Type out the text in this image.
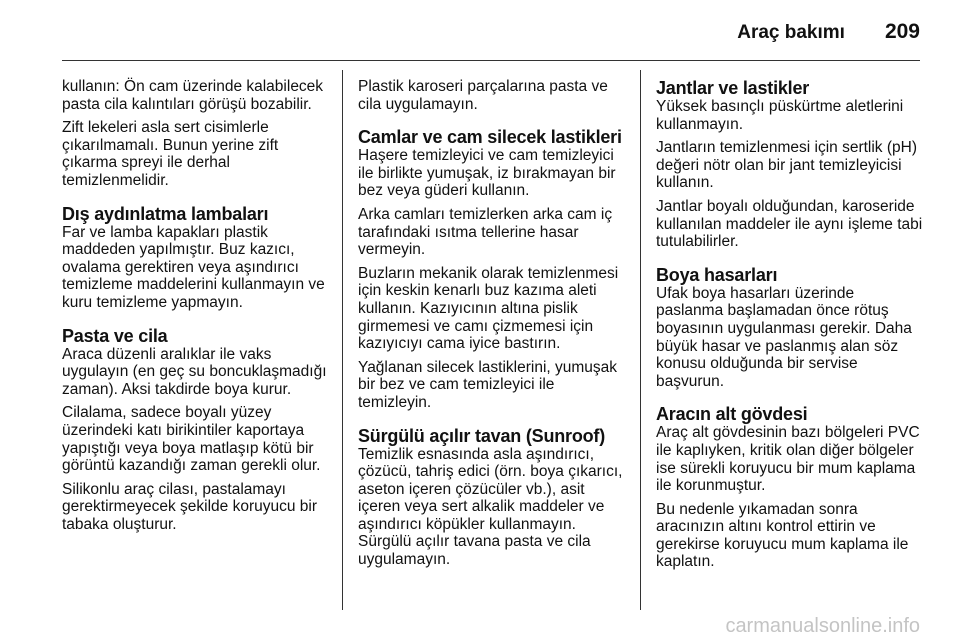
Araç bakımı 209

kullanın: Ön cam üzerinde kalabilecek pasta cila kalıntıları görüşü bozabilir.

Zift lekeleri asla sert cisimlerle çıkarılmamalı. Bunun yerine zift çıkarma spreyi ile derhal temizlenmelidir.

Dış aydınlatma lambaları

Far ve lamba kapakları plastik maddeden yapılmıştır. Buz kazıcı, ovalama gerektiren veya aşındırıcı temizleme maddelerini kullanmayın ve kuru temizleme yapmayın.

Pasta ve cila

Araca düzenli aralıklar ile vaks uygulayın (en geç su boncuklaşmadığı zaman). Aksi takdirde boya kurur.

Cilalama, sadece boyalı yüzey üzerindeki katı birikintiler kaportaya yapıştığı veya boya matlaşıp kötü bir görüntü kazandığı zaman gerekli olur.

Silikonlu araç cilası, pastalamayı gerektirmeyecek şekilde koruyucu bir tabaka oluşturur.

Plastik karoseri parçalarına pasta ve cila uygulamayın.

Camlar ve cam silecek lastikleri

Haşere temizleyici ve cam temizleyici ile birlikte yumuşak, iz bırakmayan bir bez veya güderi kullanın.

Arka camları temizlerken arka cam iç tarafındaki ısıtma tellerine hasar vermeyin.

Buzların mekanik olarak temizlenmesi için keskin kenarlı buz kazıma aleti kullanın. Kazıyıcının altına pislik girmemesi ve camı çizmemesi için kazıyıcıyı cama iyice bastırın.

Yağlanan silecek lastiklerini, yumuşak bir bez ve cam temizleyici ile temizleyin.

Sürgülü açılır tavan (Sunroof)

Temizlik esnasında asla aşındırıcı, çözücü, tahriş edici (örn. boya çıkarıcı, aseton içeren çözücüler vb.), asit içeren veya sert alkalik maddeler ve aşındırıcı köpükler kullanmayın. Sürgülü açılır tavana pasta ve cila uygulamayın.

Jantlar ve lastikler

Yüksek basınçlı püskürtme aletlerini kullanmayın.

Jantların temizlenmesi için sertlik (pH) değeri nötr olan bir jant temizleyicisi kullanın.

Jantlar boyalı olduğundan, karoseride kullanılan maddeler ile aynı işleme tabi tutulabilirler.

Boya hasarları

Ufak boya hasarları üzerinde paslanma başlamadan önce rötuş boyasının uygulanması gerekir. Daha büyük hasar ve paslanmış alan söz konusu olduğunda bir servise başvurun.

Aracın alt gövdesi

Araç alt gövdesinin bazı bölgeleri PVC ile kaplıyken, kritik olan diğer bölgeler ise sürekli koruyucu bir mum kaplama ile korunmuştur.

Bu nedenle yıkamadan sonra aracınızın altını kontrol ettirin ve gerekirse koruyucu mum kaplama ile kaplatın.

carmanualsonline.info
